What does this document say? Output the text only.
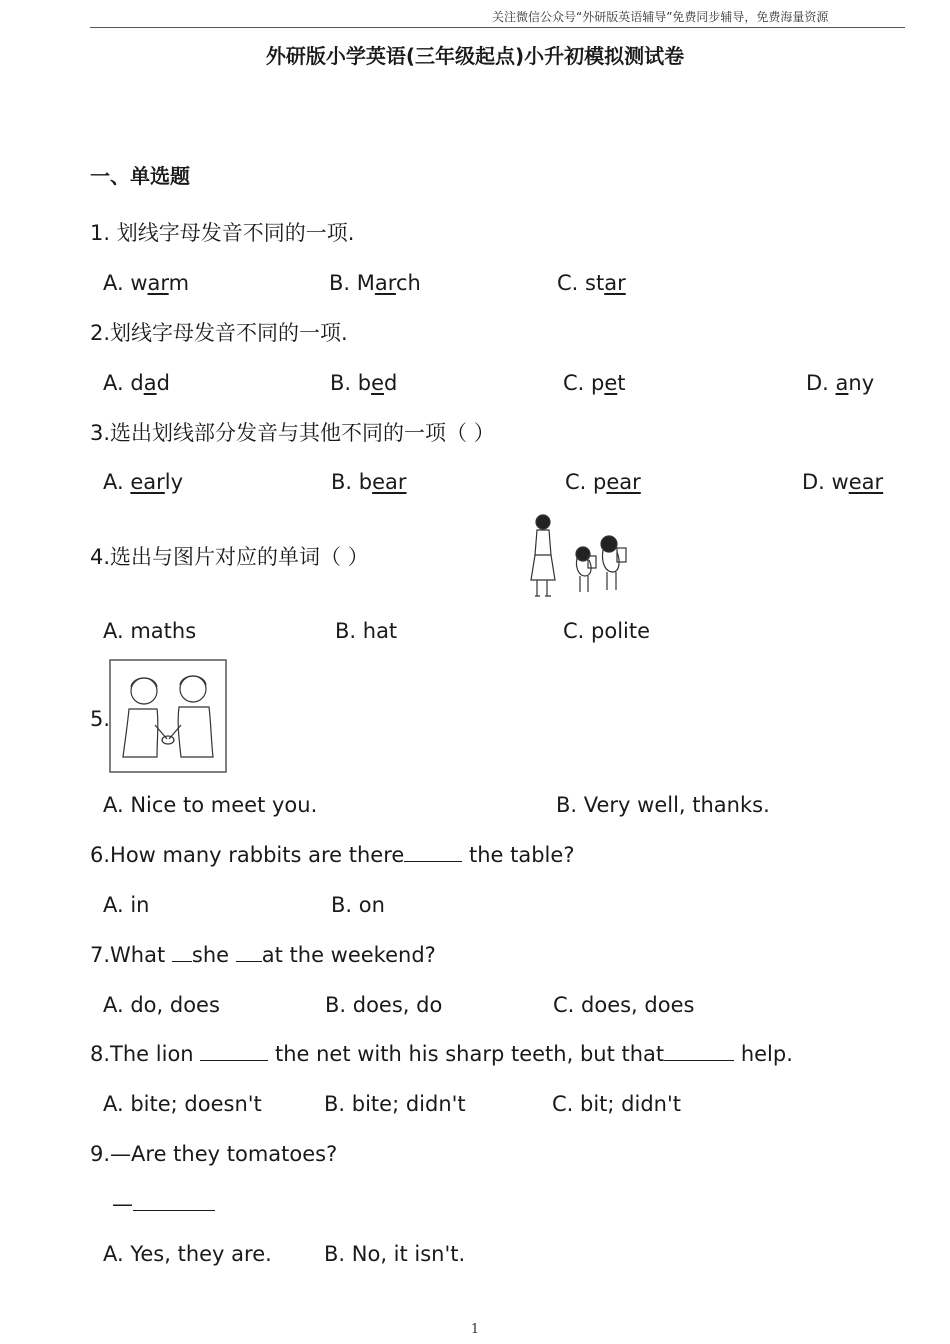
关注微信公众号“外研版英语辅导”免费同步辅导，免费海量资源
外研版小学英语(三年级起点)小升初模拟测试卷
一、单选题
1. 划线字母发音不同的一项.
A. warm	B. March	C. star
2.划线字母发音不同的一项.
A. dad	B. bed	C. pet	D. any
3.选出划线部分发音与其他不同的一项（ ）
A. early	B. bear	C. pear	D. wear
4.选出与图片对应的单词（ ）
A. maths	B. hat	C. polite
5.
A. Nice to meet you.	B. Very well, thanks.
6.How many rabbits are there	the table?
A. in	B. on
7.What she at the weekend?
A. do, does	B. does, do	C. does, does
8.The lion	the net with his sharp teeth, but that	help.
A. bite; doesn't	B. bite; didn't	C. bit; didn't
9.—Are they tomatoes?
—
A. Yes, they are. B. No, it isn't.
1
